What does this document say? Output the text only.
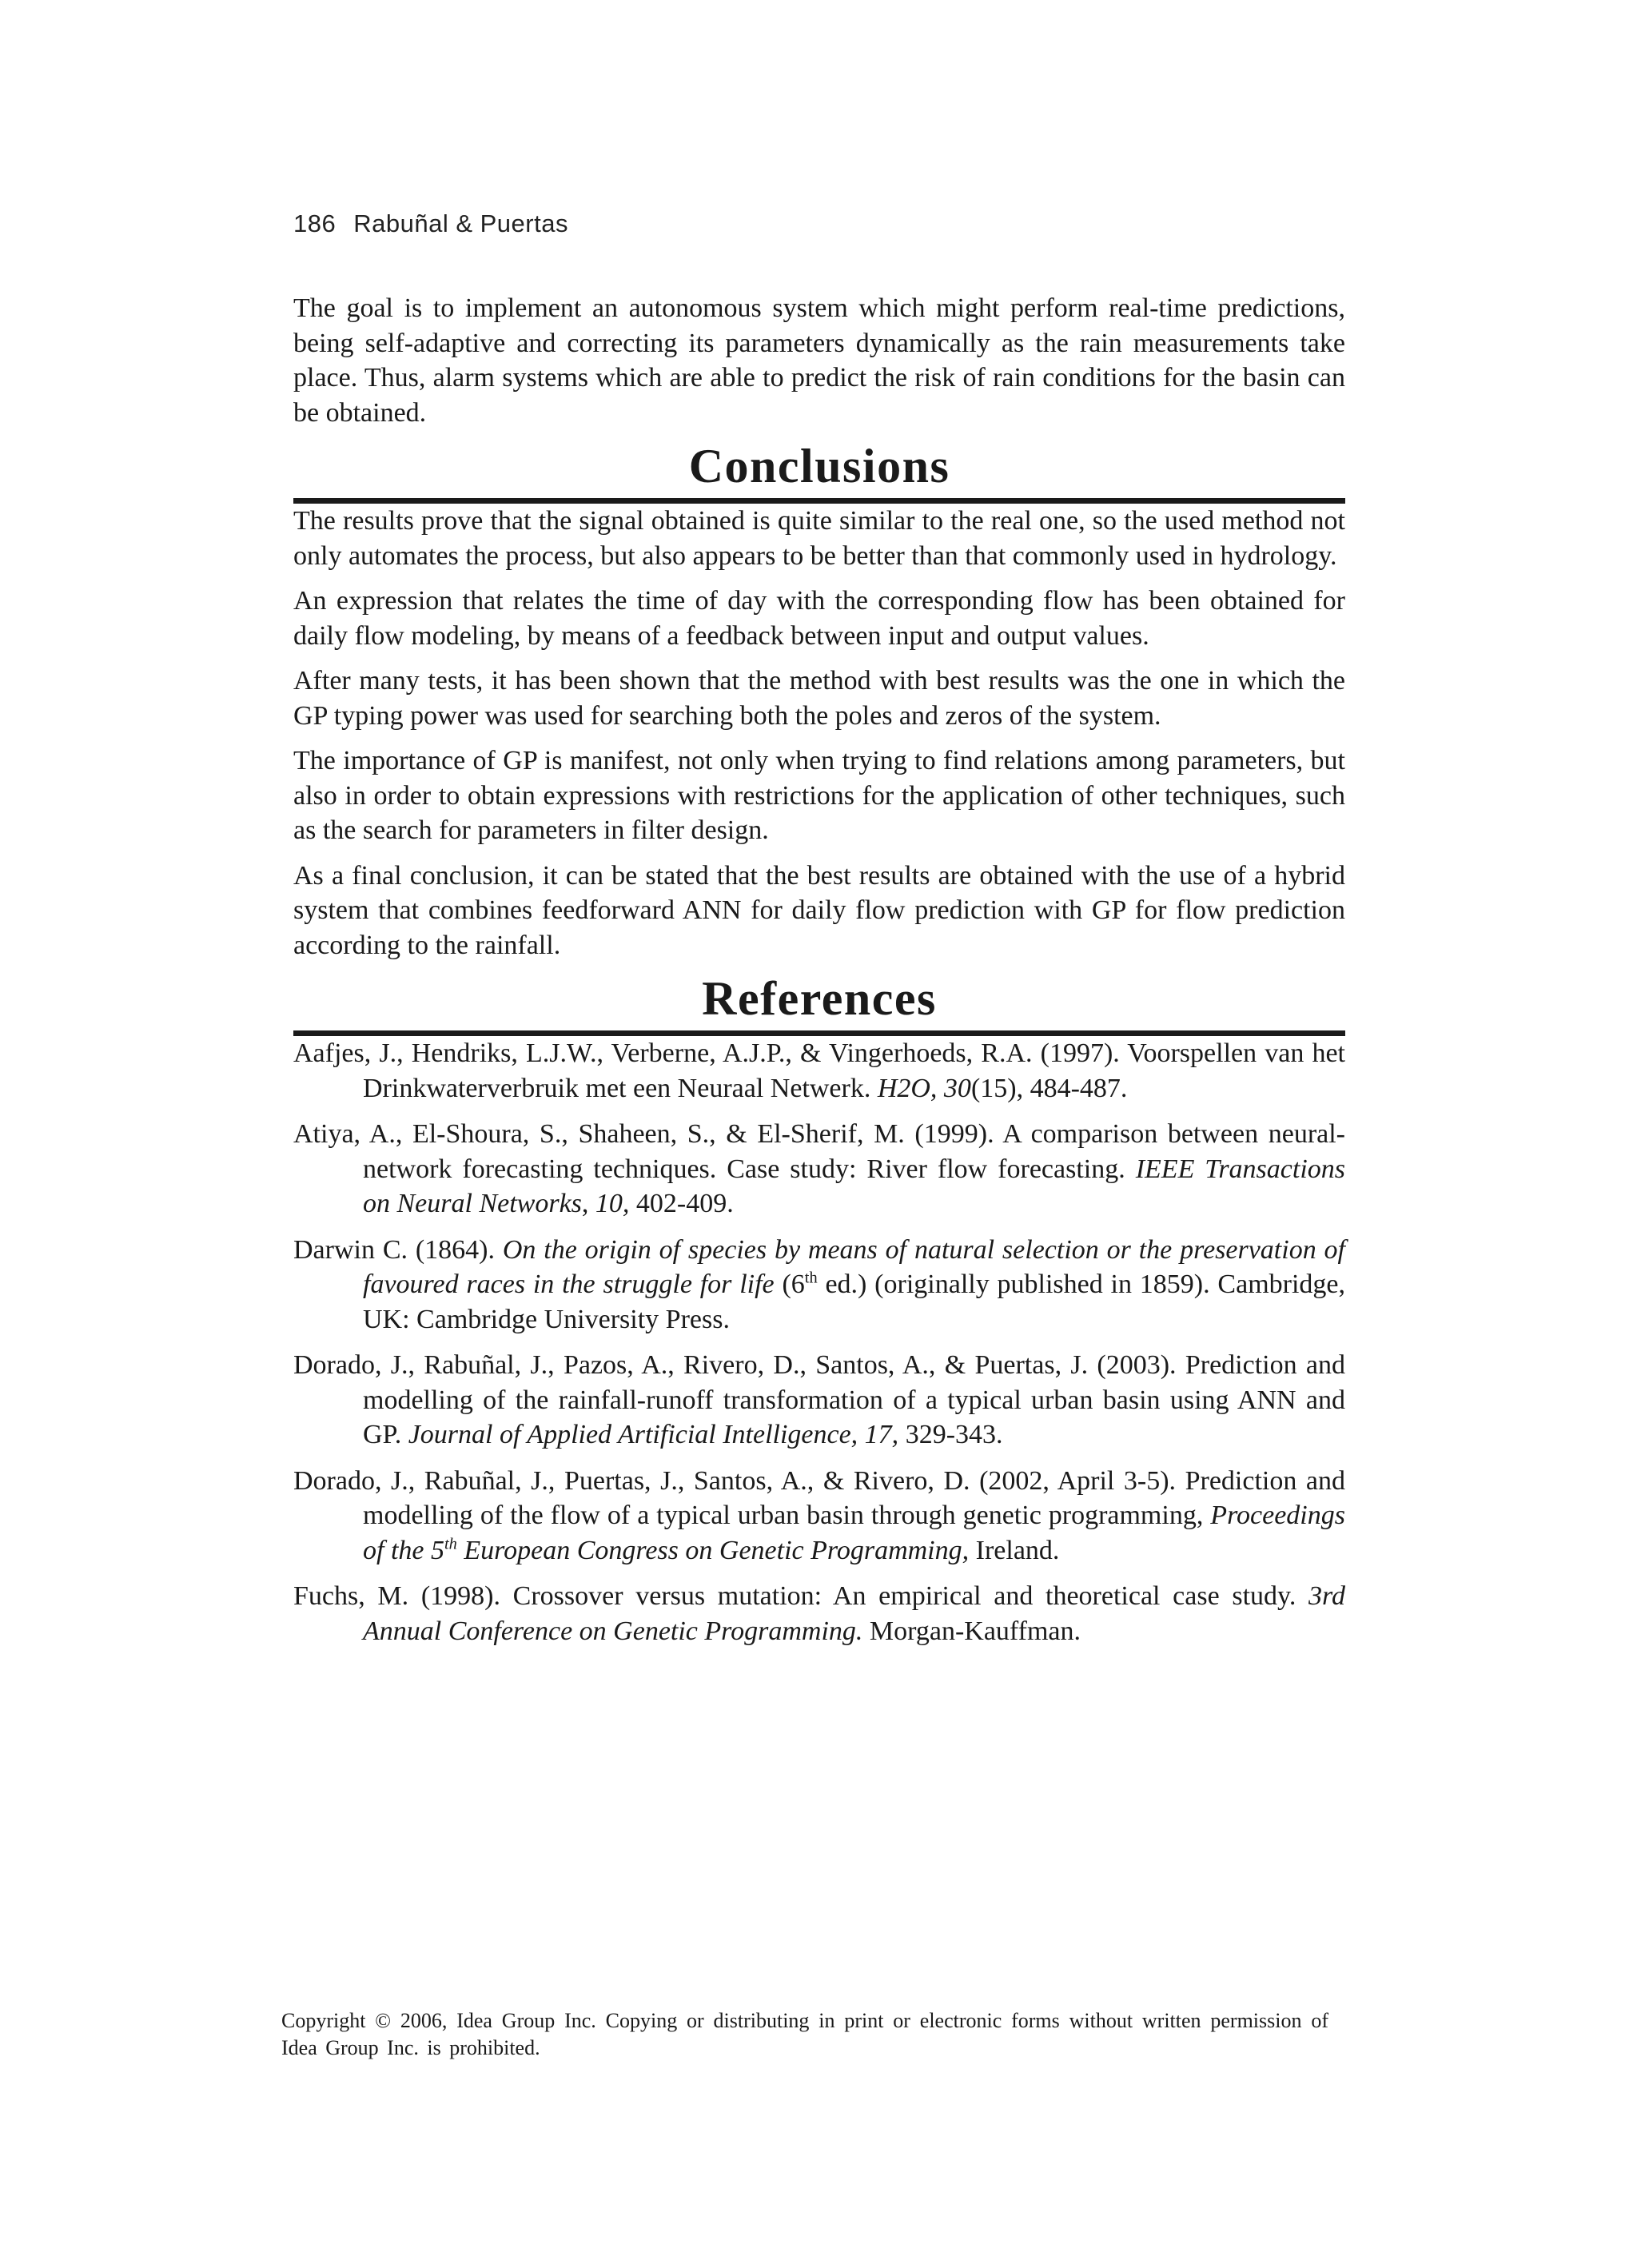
186 Rabuñal & Puertas

The goal is to implement an autonomous system which might perform real-time predictions, being self-adaptive and correcting its parameters dynamically as the rain measurements take place. Thus, alarm systems which are able to predict the risk of rain conditions for the basin can be obtained.

Conclusions

The results prove that the signal obtained is quite similar to the real one, so the used method not only automates the process, but also appears to be better than that commonly used in hydrology.

An expression that relates the time of day with the corresponding flow has been obtained for daily flow modeling, by means of a feedback between input and output values.

After many tests, it has been shown that the method with best results was the one in which the GP typing power was used for searching both the poles and zeros of the system.

The importance of GP is manifest, not only when trying to find relations among parameters, but also in order to obtain expressions with restrictions for the application of other techniques, such as the search for parameters in filter design.

As a final conclusion, it can be stated that the best results are obtained with the use of a hybrid system that combines feedforward ANN for daily flow prediction with GP for flow prediction according to the rainfall.

References
Aafjes, J., Hendriks, L.J.W., Verberne, A.J.P., & Vingerhoeds, R.A. (1997). Voorspellen van het Drinkwaterverbruik met een Neuraal Netwerk. H2O, 30(15), 484-487.
Atiya, A., El-Shoura, S., Shaheen, S., & El-Sherif, M. (1999). A comparison between neural-network forecasting techniques. Case study: River flow forecasting. IEEE Transactions on Neural Networks, 10, 402-409.
Darwin C. (1864). On the origin of species by means of natural selection or the preservation of favoured races in the struggle for life (6th ed.) (originally published in 1859). Cambridge, UK: Cambridge University Press.
Dorado, J., Rabuñal, J., Pazos, A., Rivero, D., Santos, A., & Puertas, J. (2003). Prediction and modelling of the rainfall-runoff transformation of a typical urban basin using ANN and GP. Journal of Applied Artificial Intelligence, 17, 329-343.
Dorado, J., Rabuñal, J., Puertas, J., Santos, A., & Rivero, D. (2002, April 3-5). Prediction and modelling of the flow of a typical urban basin through genetic programming, Proceedings of the 5th European Congress on Genetic Programming, Ireland.
Fuchs, M. (1998). Crossover versus mutation: An empirical and theoretical case study. 3rd Annual Conference on Genetic Programming. Morgan-Kauffman.
Copyright © 2006, Idea Group Inc. Copying or distributing in print or electronic forms without written permission of Idea Group Inc. is prohibited.
